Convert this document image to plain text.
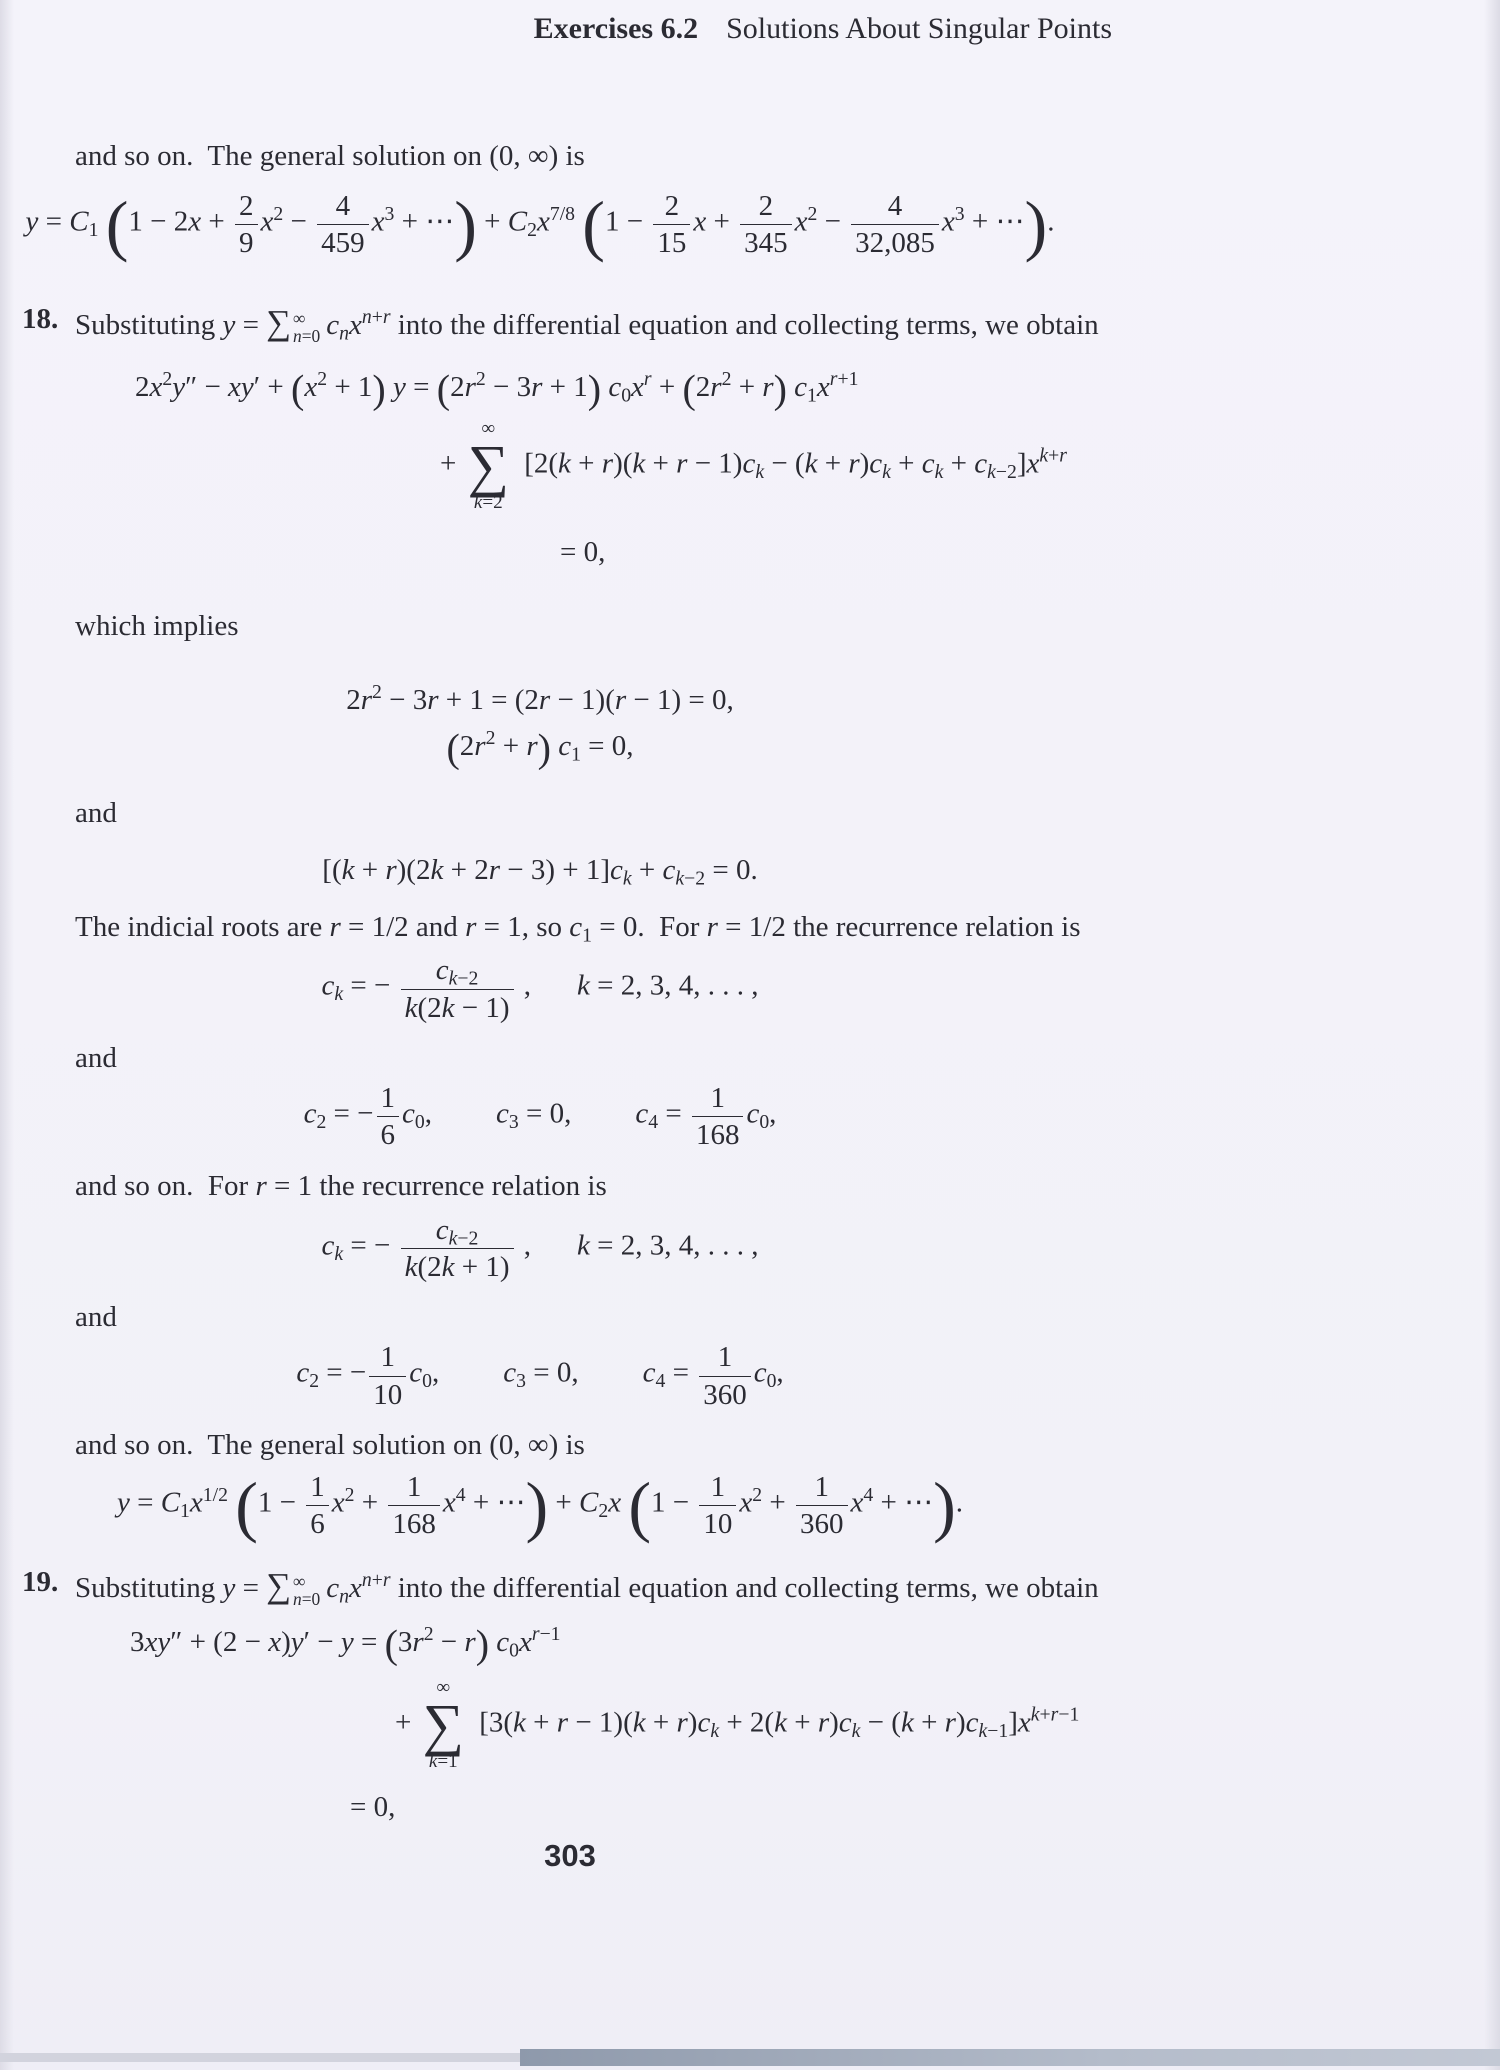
Exercises 6.2 Solutions About Singular Points
and so on.  The general solution on (0, ∞) is
$y = C_1$ ($1 - 2x + \frac{2}{9} x^2 - \frac{4}{459} x^3$ + ⋯) + $C_2x^{7/8}$ ($1 - \frac{2}{15}$ $x + \frac{2}{345} x^2 - \frac{4}{32,085} x^3$ + ⋯).
18. Substituting y = ∑ ∞
n=0 $c_nx^{n+r}$ into the differential equation and collecting terms, we obtain
$2x^2y'' - xy' + (x^2 + 1) y = (2r^2 - 3r + 1) c_0x^r + (2r^2 + r)$ $c_1x^{r+1}$
+
∞
∑
k=2
$[2(k + r)(k + r - 1)c_k - (k + r)c_k + c_k + c_{k-2}]x^{k+r}$
= 0,
which implies
$2r^2 - 3r + 1 = (2r - 1)(r - 1) = 0$,
$(2r^2 + r) c_1 = 0$,
and
$[(k + r)(2k + 2r - 3) + 1]c_k + c_{k-2} = 0$.
The indicial roots are r = 1/2 and r = 1, so $c_1 = 0$.  For r = 1/2 the recurrence relation is
$c_k$ = − $\frac{c_{k-2}}{k(2k - 1)}$ , k = 2, 3, 4, . . . ,
and
$c_2$ = − $\frac{1}{6} c_0$, $c_3 = 0$, $c_4 = \frac{1}{168} c_0$,
and so on.  For r = 1 the recurrence relation is
$c_k$ = − $\frac{c_{k-2}}{k(2k + 1)}$ , k = 2, 3, 4, . . . ,
and
$c_2$ = − $\frac{1}{10} c_0$, $c_3 = 0$, $c_4 = \frac{1}{360} c_0$,
and so on.  The general solution on (0, ∞) is
$y = C_1x^{1/2}$ ($1 - \frac{1}{6} x^2 + \frac{1}{168} x^4$ + ⋯) + $C_2x$ ($1 - \frac{1}{10} x^2 + \frac{1}{360} x^4$ + ⋯).
19. Substituting y = ∑ ∞
n=0 $c_nx^{n+r}$ into the differential equation and collecting terms, we obtain
$3xy'' + (2 - x)y' - y = (3r^2 - r)$ $c_0x^{r-1}$
+
∞
∑
k=1
$[3(k + r - 1)(k + r)c_k + 2(k + r)c_k - (k + r)c_{k-1}]x^{k+r-1}$
= 0,
303
